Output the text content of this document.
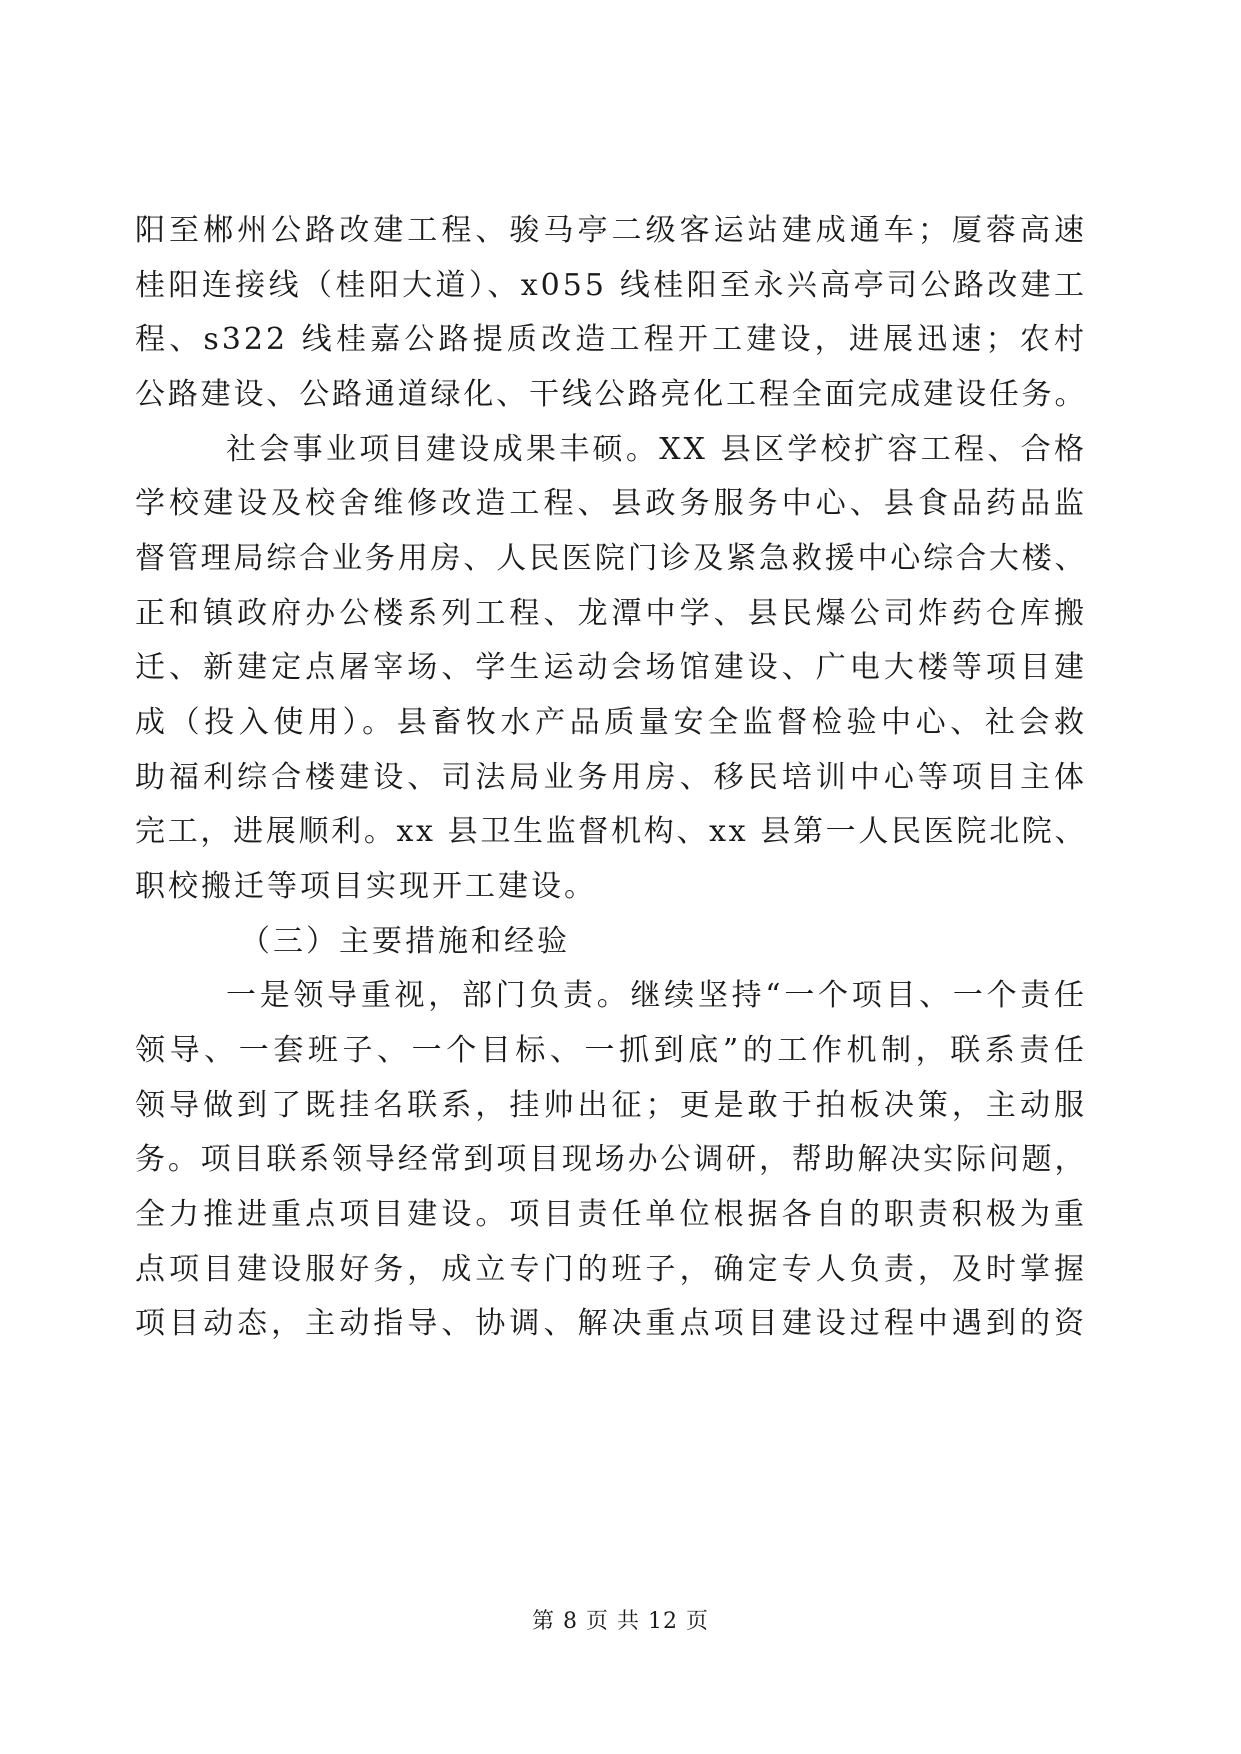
阳至郴州公路改建工程、骏马亭二级客运站建成通车；厦蓉高速
桂阳连接线（桂阳大道）、x055 线桂阳至永兴高亭司公路改建工
程、s322 线桂嘉公路提质改造工程开工建设，进展迅速；农村
公路建设、公路通道绿化、干线公路亮化工程全面完成建设任务。
社会事业项目建设成果丰硕。XX 县区学校扩容工程、合格
学校建设及校舍维修改造工程、县政务服务中心、县食品药品监
督管理局综合业务用房、人民医院门诊及紧急救援中心综合大楼、
正和镇政府办公楼系列工程、龙潭中学、县民爆公司炸药仓库搬
迁、新建定点屠宰场、学生运动会场馆建设、广电大楼等项目建
成（投入使用）。县畜牧水产品质量安全监督检验中心、社会救
助福利综合楼建设、司法局业务用房、移民培训中心等项目主体
完工，进展顺利。xx 县卫生监督机构、xx 县第一人民医院北院、
职校搬迁等项目实现开工建设。
（三）主要措施和经验
一是领导重视，部门负责。继续坚持“一个项目、一个责任
领导、一套班子、一个目标、一抓到底”的工作机制，联系责任
领导做到了既挂名联系，挂帅出征；更是敢于拍板决策，主动服
务。项目联系领导经常到项目现场办公调研，帮助解决实际问题，
全力推进重点项目建设。项目责任单位根据各自的职责积极为重
点项目建设服好务，成立专门的班子，确定专人负责，及时掌握
项目动态，主动指导、协调、解决重点项目建设过程中遇到的资
第 8 页 共 12 页
